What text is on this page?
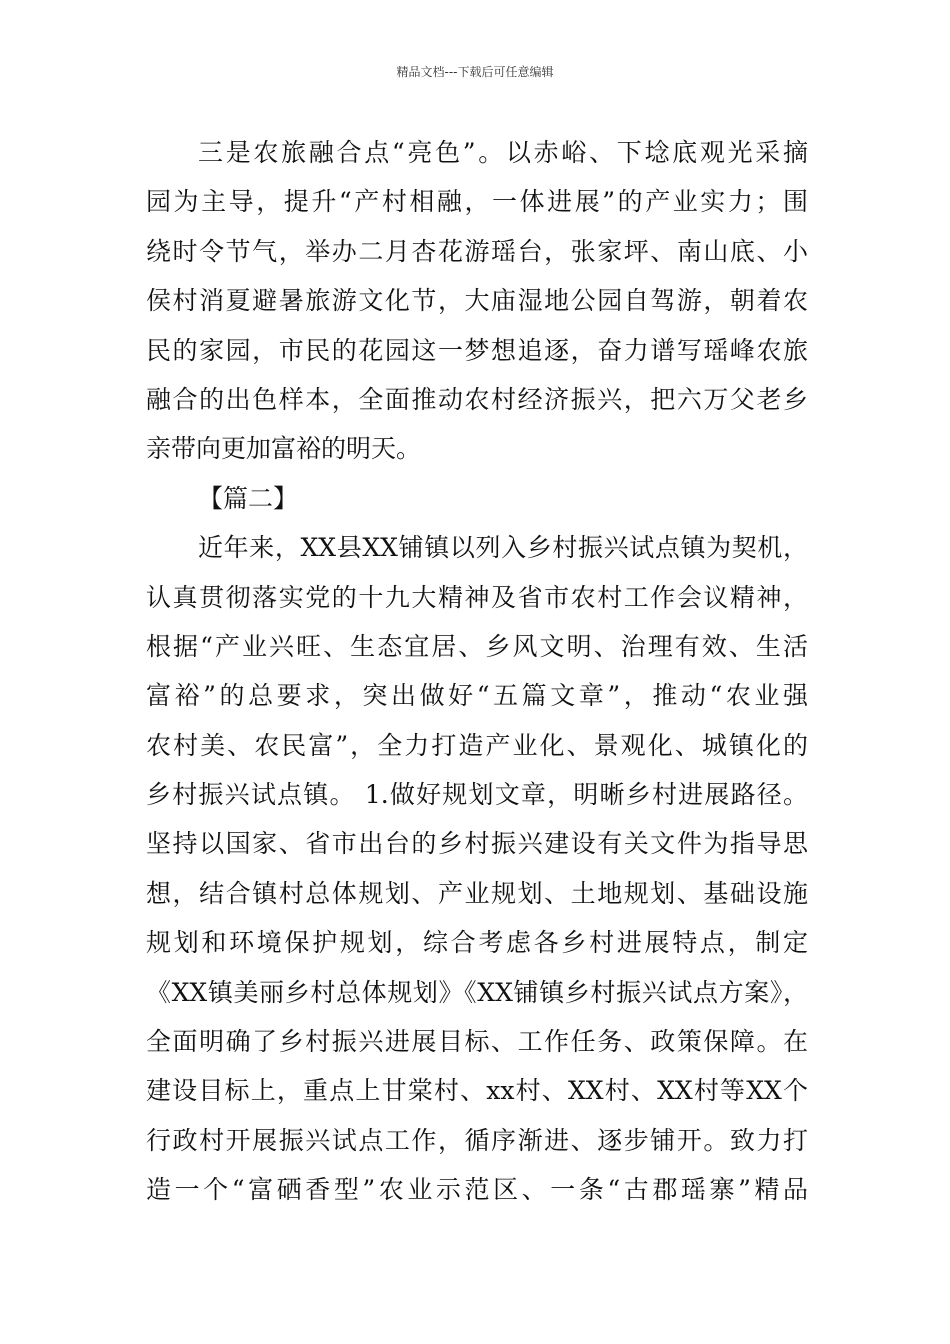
精品文档---下载后可任意编辑
三是农旅融合点“亮色”。以赤峪、下埝底观光采摘
园为主导，提升“产村相融，一体进展”的产业实力；围
绕时令节气，举办二月杏花游瑶台，张家坪、南山底、小
侯村消夏避暑旅游文化节，大庙湿地公园自驾游，朝着农
民的家园，市民的花园这一梦想追逐，奋力谱写瑶峰农旅
融合的出色样本，全面推动农村经济振兴，把六万父老乡
亲带向更加富裕的明天。
【篇二】
近年来，XX县XX铺镇以列入乡村振兴试点镇为契机，
认真贯彻落实党的十九大精神及省市农村工作会议精神，
根据“产业兴旺、生态宜居、乡风文明、治理有效、生活
富裕”的总要求，突出做好“五篇文章”，推动“农业强
农村美、农民富”，全力打造产业化、景观化、城镇化的
乡村振兴试点镇。 1.做好规划文章，明晰乡村进展路径。
坚持以国家、省市出台的乡村振兴建设有关文件为指导思
想，结合镇村总体规划、产业规划、土地规划、基础设施
规划和环境保护规划，综合考虑各乡村进展特点，制定
《XX镇美丽乡村总体规划》《XX铺镇乡村振兴试点方案》，
全面明确了乡村振兴进展目标、工作任务、政策保障。在
建设目标上，重点上甘棠村、xx村、XX村、XX村等XX个
行政村开展振兴试点工作，循序渐进、逐步铺开。致力打
造一个“富硒香型”农业示范区、一条“古郡瑶寨”精品
